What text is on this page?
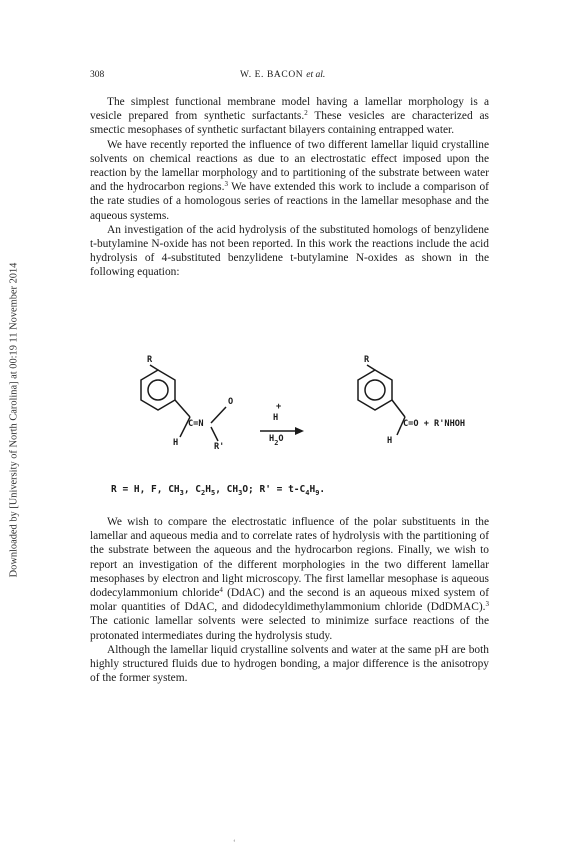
Downloaded by [University of North Carolina] at 00:19 11 November 2014
308	W. E. BACON et al.

The simplest functional membrane model having a lamellar morphology is a vesicle prepared from synthetic surfactants.$^2$ These vesicles are characterized as smectic mesophases of synthetic surfactant bilayers containing entrapped water.

We have recently reported the influence of two different lamellar liquid crystalline solvents on chemical reactions as due to an electrostatic effect imposed upon the reaction by the lamellar morphology and to partitioning of the substrate between water and the hydrocarbon regions.$^3$ We have extended this work to include a comparison of the rate studies of a homologous series of reactions in the lamellar mesophase and the aqueous systems.

An investigation of the acid hydrolysis of the substituted homologs of benzylidene t-butylamine N-oxide has not been reported. In this work the reactions include the acid hydrolysis of 4-substituted benzylidene t-butylamine N-oxides as shown in the following equation:

R
O
C=N
H	R'
+
H
$H_2O$
R
C=O + R'NHOH
H
R = H, F, $CH_3$, $C_2H_5$, $CH_3O$; $R' = t-C_4H_9$.

We wish to compare the electrostatic influence of the polar substituents in the lamellar and aqueous media and to correlate rates of hydrolysis with the partitioning of the substrate between the aqueous and the hydrocarbon regions. Finally, we wish to report an investigation of the different morphologies in the two different lamellar mesophases by electron and light microscopy. The first lamellar mesophase is aqueous dodecylammonium chloride$^4$ (DdAC) and the second is an aqueous mixed system of molar quantities of DdAC, and didodecyldimethylammonium chloride (DdDMAC).$^3$ The cationic lamellar solvents were selected to minimize surface reactions of the protonated intermediates during the hydrolysis study.

Although the lamellar liquid crystalline solvents and water at the same pH are both highly structured fluids due to hydrogen bonding, a major difference is the anisotropy of the former system.

‘
